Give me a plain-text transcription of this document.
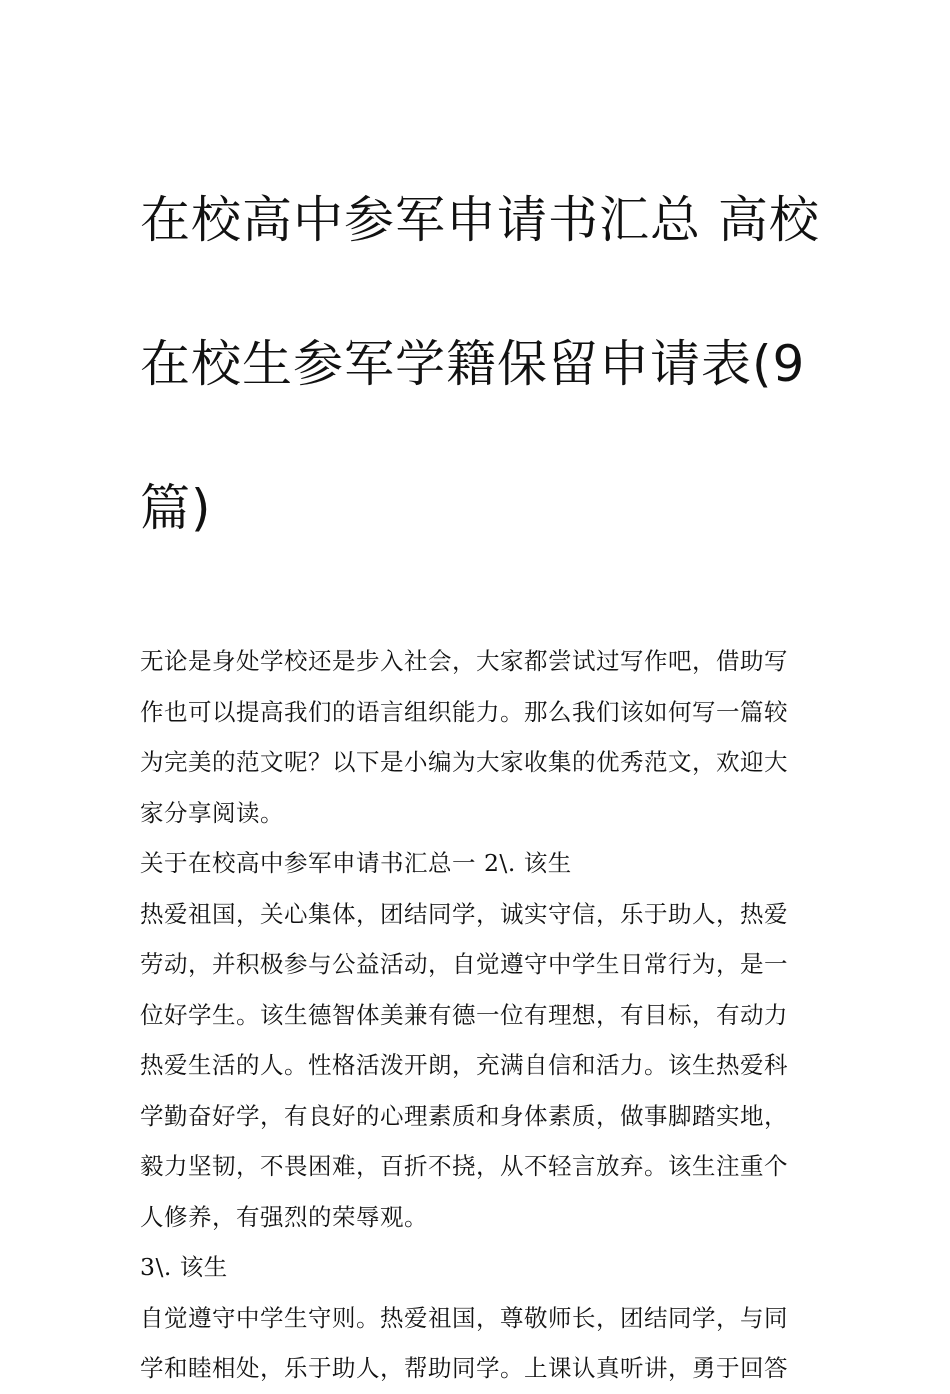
在校高中参军申请书汇总 高校

在校生参军学籍保留申请表(9

篇)

无论是身处学校还是步入社会，大家都尝试过写作吧，借助写
作也可以提高我们的语言组织能力。那么我们该如何写一篇较
为完美的范文呢？以下是小编为大家收集的优秀范文，欢迎大
家分享阅读。

关于在校高中参军申请书汇总一 2\. 该生

热爱祖国，关心集体，团结同学，诚实守信，乐于助人，热爱
劳动，并积极参与公益活动，自觉遵守中学生日常行为，是一
位好学生。该生德智体美兼有德一位有理想，有目标，有动力
热爱生活的人。性格活泼开朗，充满自信和活力。该生热爱科
学勤奋好学，有良好的心理素质和身体素质，做事脚踏实地，
毅力坚韧，不畏困难，百折不挠，从不轻言放弃。该生注重个
人修养，有强烈的荣辱观。

3\. 该生

自觉遵守中学生守则。热爱祖国，尊敬师长，团结同学，与同
学和睦相处，乐于助人，帮助同学。上课认真听讲，勇于回答
